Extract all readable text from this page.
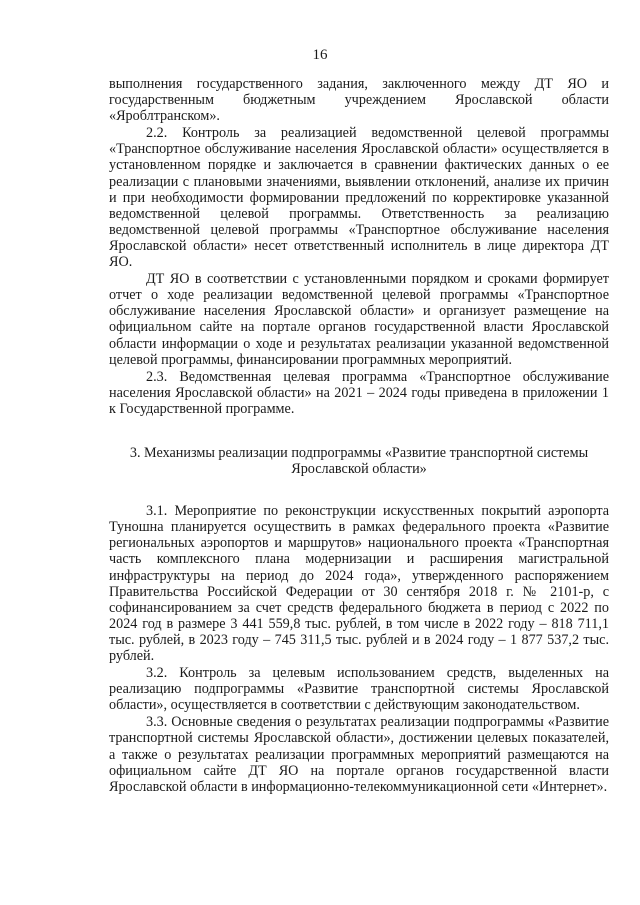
16

выполнения государственного задания, заключенного между ДТ ЯО и государственным бюджетным учреждением Ярославской области «Яроблтранском».

2.2. Контроль за реализацией ведомственной целевой программы «Транспортное обслуживание населения Ярославской области» осуществляется в установленном порядке и заключается в сравнении фактических данных о ее реализации с плановыми значениями, выявлении отклонений, анализе их причин и при необходимости формировании предложений по корректировке указанной ведомственной целевой программы. Ответственность за реализацию ведомственной целевой программы «Транспортное обслуживание населения Ярославской области» несет ответственный исполнитель в лице директора ДТ ЯО.

ДТ ЯО в соответствии с установленными порядком и сроками формирует отчет о ходе реализации ведомственной целевой программы «Транспортное обслуживание населения Ярославской области» и организует размещение на официальном сайте на портале органов государственной власти Ярославской области информации о ходе и результатах реализации указанной ведомственной целевой программы, финансировании программных мероприятий.

2.3. Ведомственная целевая программа «Транспортное обслуживание населения Ярославской области» на 2021 – 2024 годы приведена в приложении 1 к Государственной программе.

3. Механизмы реализации подпрограммы «Развитие транспортной системы
Ярославской области»

3.1. Мероприятие по реконструкции искусственных покрытий аэропорта Туношна планируется осуществить в рамках федерального проекта «Развитие региональных аэропортов и маршрутов» национального проекта «Транспортная часть комплексного плана модернизации и расширения магистральной инфраструктуры на период до 2024 года», утвержденного распоряжением Правительства Российской Федерации от 30 сентября 2018 г. № 2101-р, с софинансированием за счет средств федерального бюджета в период с 2022 по 2024 год в размере 3 441 559,8 тыс. рублей, в том числе в 2022 году – 818 711,1 тыс. рублей, в 2023 году – 745 311,5 тыс. рублей и в 2024 году – 1 877 537,2 тыс. рублей.

3.2. Контроль за целевым использованием средств, выделенных на реализацию подпрограммы «Развитие транспортной системы Ярославской области», осуществляется в соответствии с действующим законодательством.

3.3. Основные сведения о результатах реализации подпрограммы «Развитие транспортной системы Ярославской области», достижении целевых показателей, а также о результатах реализации программных мероприятий размещаются на официальном сайте ДТ ЯО на портале органов государственной власти Ярославской области в информационно-телекоммуникационной сети «Интернет».
